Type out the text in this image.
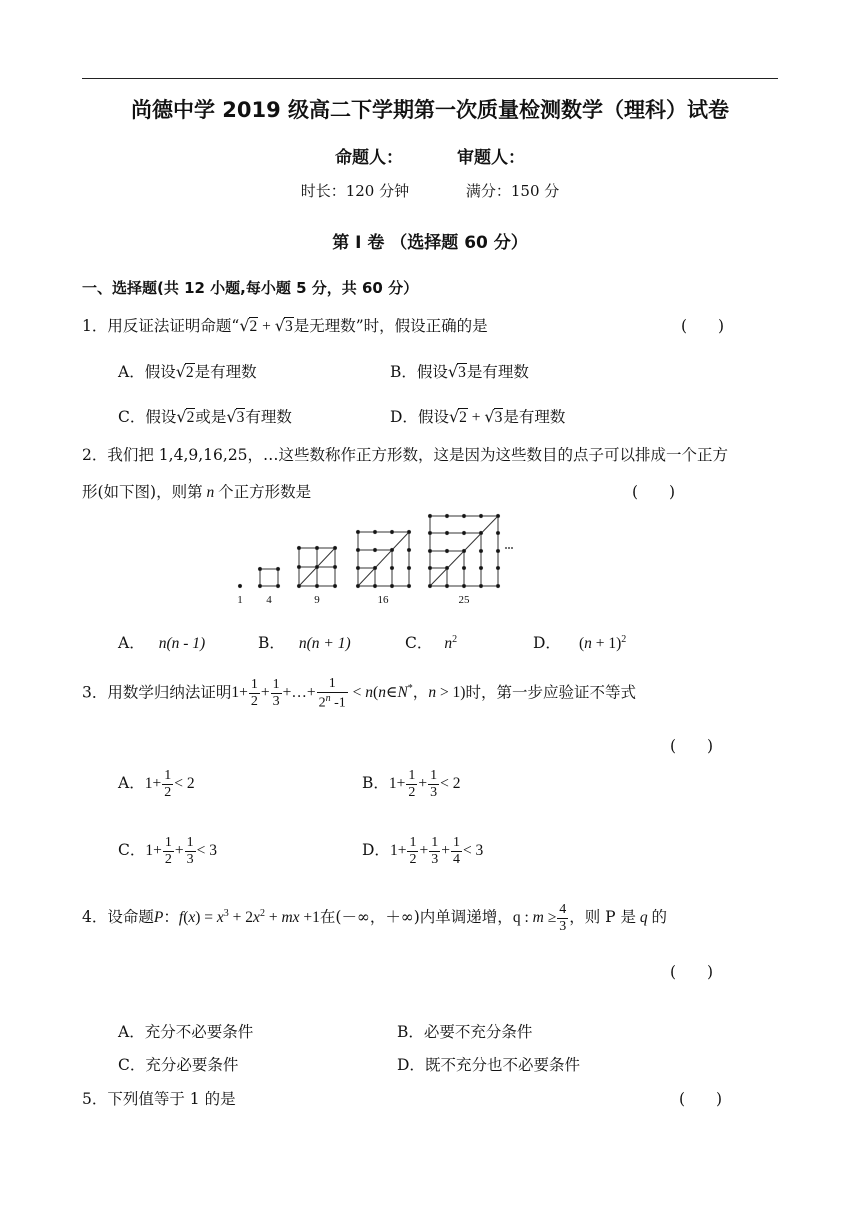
尚德中学 2019 级高二下学期第一次质量检测数学（理科）试卷
命题人：	审题人：
时长：120 分钟	满分：150 分
第 Ⅰ 卷 （选择题 60 分）
一、选择题(共 12 小题,每小题 5 分，共 60 分）
1．用反证法证明命题“√2 + √3是无理数”时，假设正确的是	(　　)
A．假设√2是有理数	B．假设√3是有理数
C．假设√2或是√3有理数	D．假设√2 + √3是有理数
2．我们把 1,4,9,16,25，…这些数称作正方形数，这是因为这些数目的点子可以排成一个正方
形(如下图)，则第 n 个正方形数是	(　　)
1 4	9	16	25
A． n(n - 1)	B． n(n + 1)	C． $n^2$	D． $(n + 1)^2$
3．用数学归纳法证明$1+ \frac{1}{2} + \frac{1}{3}$ +…+ $\frac{1}{2^n -1}$ < n(n∈N*，n > 1)时，第一步应验证不等式
(　　)
A．$1+ \frac{1}{2} < 2$	B．$1+ \frac{1}{2} + \frac{1}{3} < 2$
C．$1+ \frac{1}{2} + \frac{1}{3} < 3$	D．$1+ \frac{1}{2} + \frac{1}{3} + \frac{1}{4} < 3$
4．设命题P：$f(x) = x^3 + 2x^2$ + mx +1在(－∞，＋∞)内单调递增，q : $m \ge \frac{4}{3}$ ，则 P 是 q 的
(　　)
A．充分不必要条件	B．必要不充分条件
C．充分必要条件	D．既不充分也不必要条件
5．下列值等于 1 的是	(　　)
